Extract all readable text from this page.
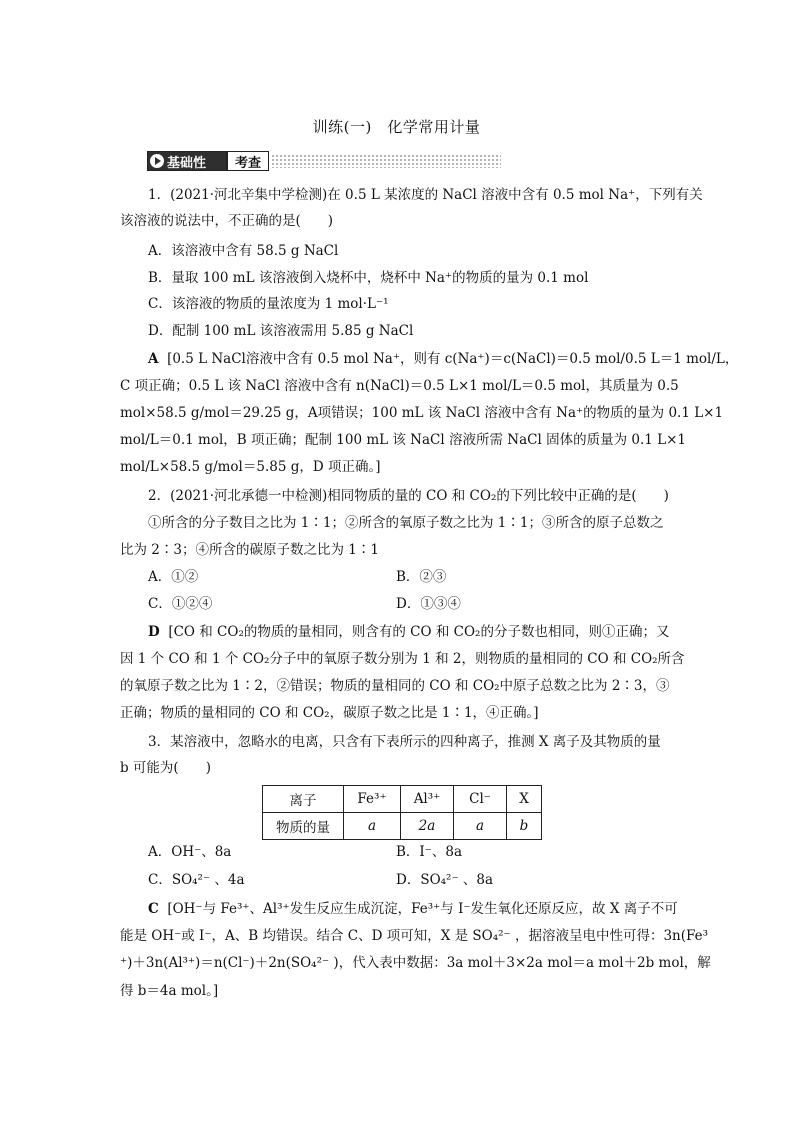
训练(一)　化学常用计量
基础性	考查
1．(2021·河北辛集中学检测)在 0.5 L 某浓度的 NaCl 溶液中含有 0.5 mol Na⁺，下列有关
该溶液的说法中，不正确的是(　　)
A．该溶液中含有 58.5 g NaCl
B．量取 100 mL 该溶液倒入烧杯中，烧杯中 Na⁺的物质的量为 0.1 mol
C．该溶液的物质的量浓度为 1 mol·L⁻¹
D．配制 100 mL 该溶液需用 5.85 g NaCl
A [0.5 L NaCl溶液中含有 0.5 mol Na⁺，则有 c(Na⁺)＝c(NaCl)＝0.5 mol/0.5 L＝1 mol/L，
C 项正确；0.5 L 该 NaCl 溶液中含有 n(NaCl)＝0.5 L×1 mol/L＝0.5 mol，其质量为 0.5
mol×58.5 g/mol＝29.25 g，A项错误；100 mL 该 NaCl 溶液中含有 Na⁺的物质的量为 0.1 L×1
mol/L＝0.1 mol，B 项正确；配制 100 mL 该 NaCl 溶液所需 NaCl 固体的质量为 0.1 L×1
mol/L×58.5 g/mol＝5.85 g，D 项正确。]
2．(2021·河北承德一中检测)相同物质的量的 CO 和 CO₂的下列比较中正确的是(　　)
①所含的分子数目之比为 1∶1；②所含的氧原子数之比为 1∶1；③所含的原子总数之
比为 2∶3；④所含的碳原子数之比为 1∶1
A．①②	B．②③
C．①②④	D．①③④
D [CO 和 CO₂的物质的量相同，则含有的 CO 和 CO₂的分子数也相同，则①正确；又
因 1 个 CO 和 1 个 CO₂分子中的氧原子数分别为 1 和 2，则物质的量相同的 CO 和 CO₂所含
的氧原子数之比为 1∶2，②错误；物质的量相同的 CO 和 CO₂中原子总数之比为 2∶3，③
正确；物质的量相同的 CO 和 CO₂，碳原子数之比是 1∶1，④正确。]
3．某溶液中，忽略水的电离，只含有下表所示的四种离子，推测 X 离子及其物质的量
b 可能为(　　)
离子	Fe³⁺	Al³⁺	Cl⁻	X
物质的量	a	2a	a	b
A．OH⁻、8a	B．I⁻、8a
C．SO₄²⁻ 、4a	D．SO₄²⁻ 、8a
C [OH⁻与 Fe³⁺、Al³⁺发生反应生成沉淀，Fe³⁺与 I⁻发生氧化还原反应，故 X 离子不可
能是 OH⁻或 I⁻，A、B 均错误。结合 C、D 项可知，X 是 SO₄²⁻ ，据溶液呈电中性可得：3n(Fe³
⁺)＋3n(Al³⁺)＝n(Cl⁻)＋2n(SO₄²⁻ )，代入表中数据：3a mol＋3×2a mol＝a mol＋2b mol，解
得 b＝4a mol。]
